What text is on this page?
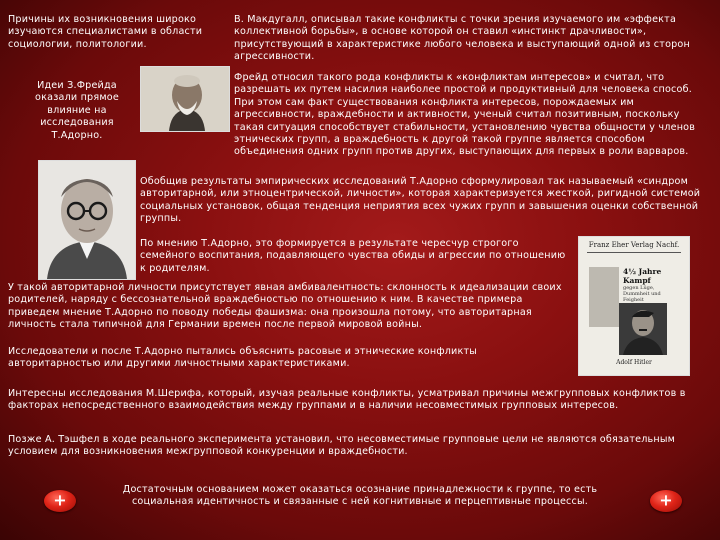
Причины их возникновения широко изучаются специалистами в области социологии, политологии.
Идеи З.Фрейда оказали прямое влияние на исследования Т.Адорно.
В. Макдугалл, описывал такие конфликты с точки зрения изучаемого им «эффекта коллективной борьбы», в основе которой он ставил «инстинкт драчливости», присутствующий в характеристике любого человека и выступающий одной из сторон агрессивности.
Фрейд относил такого рода конфликты к «конфликтам интересов» и считал, что разрешать их путем насилия наиболее простой и продуктивный для человека способ. При этом сам факт существования конфликта интересов, порождаемых им агрессивности, враждебности и активности, ученый считал позитивным, поскольку такая ситуация способствует стабильности, установлению чувства общности у членов этнических групп, а враждебность к другой такой группе является способом объединения одних групп против других, выступающих для первых в роли варваров.
Обобщив результаты эмпирических исследований Т.Адорно сформулировал так называемый «синдром авторитарной, или этноцентрической, личности», которая характеризуется жесткой, ригидной системой социальных установок, общая тенденция неприятия всех чужих групп и завышения оценки собственной группы.
По мнению Т.Адорно, это формируется в результате чересчур строгого семейного воспитания, подавляющего чувства обиды и агрессии по отношению к родителям.
Franz Eher Verlag Nachf.
4½ Jahre Kampf
gegen Lüge, Dummheit und Feigheit
Adolf Hitler
У такой авторитарной личности присутствует явная амбивалентность: склонность к идеализации своих родителей, наряду с бессознательной враждебностью по отношению к ним. В качестве примера приведем мнение Т.Адорно по поводу победы фашизма: она произошла потому, что авторитарная личность стала типичной для Германии времен после первой мировой войны.
Исследователи и после Т.Адорно пытались объяснить расовые и этнические конфликты авторитарностью или другими личностными характеристиками.
Интересны исследования М.Шерифа, который, изучая реальные конфликты, усматривал причины межгрупповых конфликтов в факторах непосредственного взаимодействия между группами и в наличии несовместимых групповых интересов.
Позже А. Тэшфел в ходе реального эксперимента установил, что несовместимые групповые цели не являются обязательным условием для возникновения межгрупповой конкуренции и враждебности.
Достаточным основанием может оказаться осознание принадлежности к группе, то есть социальная идентичность и связанные с ней когнитивные и перцептивные процессы.
+	+
